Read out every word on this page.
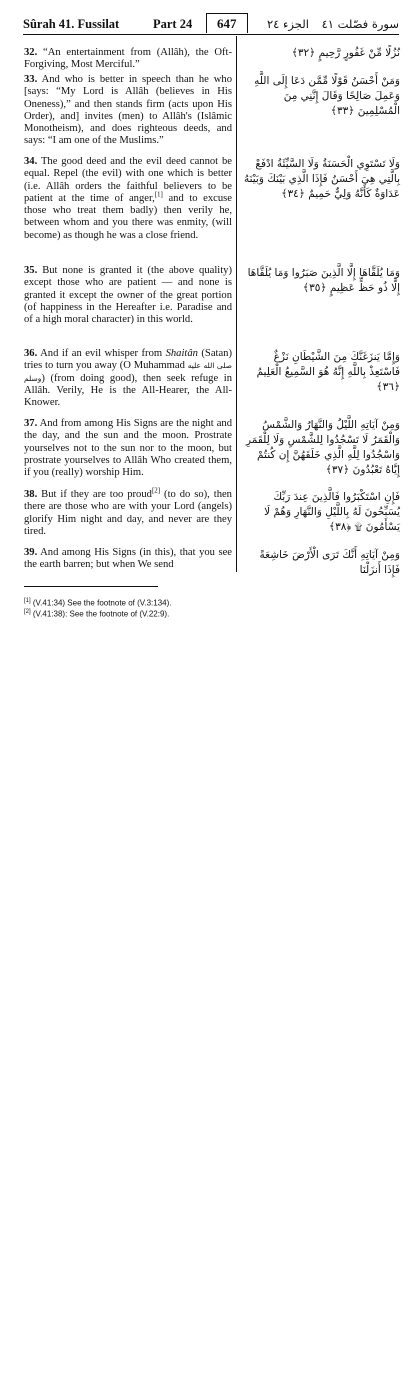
Sûrah 41. Fussilat	Part 24	647	الجزء ٢٤ سورة فصّلت ٤١

32. “An entertainment from (Allâh), the Oft-Forgiving, Most Merciful.”

نُزُلًا مِّنْ غَفُورٍ رَّحِيمٍ ﴿٣٢﴾

33. And who is better in speech than he who [says: “My Lord is Allâh (believes in His Oneness),” and then stands firm (acts upon His Order), and] invites (men) to Allâh's (Islâmic Monotheism), and does righteous deeds, and says: “I am one of the Muslims.”

وَمَنْ أَحْسَنُ قَوْلًا مِّمَّن دَعَا إِلَى اللَّهِ وَعَمِلَ صَالِحًا وَقَالَ إِنَّنِي مِنَ الْمُسْلِمِينَ ﴿٣٣﴾

34. The good deed and the evil deed cannot be equal. Repel (the evil) with one which is better (i.e. Allâh orders the faithful believers to be patient at the time of anger,[1] and to excuse those who treat them badly) then verily he, between whom and you there was enmity, (will become) as though he was a close friend.

وَلَا تَسْتَوِي الْحَسَنَةُ وَلَا السَّيِّئَةُ ادْفَعْ بِالَّتِي هِيَ أَحْسَنُ فَإِذَا الَّذِي بَيْنَكَ وَبَيْنَهُ عَدَاوَةٌ كَأَنَّهُ وَلِيٌّ حَمِيمٌ ﴿٣٤﴾

35. But none is granted it (the above quality) except those who are patient — and none is granted it except the owner of the great portion (of happiness in the Hereafter i.e. Paradise and of a high moral character) in this world.

وَمَا يُلَقَّاهَا إِلَّا الَّذِينَ صَبَرُوا وَمَا يُلَقَّاهَا إِلَّا ذُو حَظٍّ عَظِيمٍ ﴿٣٥﴾

36. And if an evil whisper from Shaitân (Satan) tries to turn you away (O Muhammad صلى الله عليه وسلم) (from doing good), then seek refuge in Allâh. Verily, He is the All-Hearer, the All-Knower.

وَإِمَّا يَنزَغَنَّكَ مِنَ الشَّيْطَانِ نَزْغٌ فَاسْتَعِذْ بِاللَّهِ إِنَّهُ هُوَ السَّمِيعُ الْعَلِيمُ ﴿٣٦﴾

37. And from among His Signs are the night and the day, and the sun and the moon. Prostrate yourselves not to the sun nor to the moon, but prostrate yourselves to Allâh Who created them, if you (really) worship Him.

وَمِنْ آيَاتِهِ اللَّيْلُ وَالنَّهَارُ وَالشَّمْسُ وَالْقَمَرُ لَا تَسْجُدُوا لِلشَّمْسِ وَلَا لِلْقَمَرِ وَاسْجُدُوا لِلَّهِ الَّذِي خَلَقَهُنَّ إِن كُنتُمْ إِيَّاهُ تَعْبُدُونَ ﴿٣٧﴾

38. But if they are too proud[2] (to do so), then there are those who are with your Lord (angels) glorify Him night and day, and never are they tired.

فَإِنِ اسْتَكْبَرُوا فَالَّذِينَ عِندَ رَبِّكَ يُسَبِّحُونَ لَهُ بِاللَّيْلِ وَالنَّهَارِ وَهُمْ لَا يَسْأَمُونَ ۩ ﴿٣٨﴾

39. And among His Signs (in this), that you see the earth barren; but when We send

وَمِنْ آيَاتِهِ أَنَّكَ تَرَى الْأَرْضَ خَاشِعَةً فَإِذَا أَنزَلْنَا

[1] (V.41:34) See the footnote of (V.3:134).

[2] (V.41:38): See the footnote of (V.22:9).
